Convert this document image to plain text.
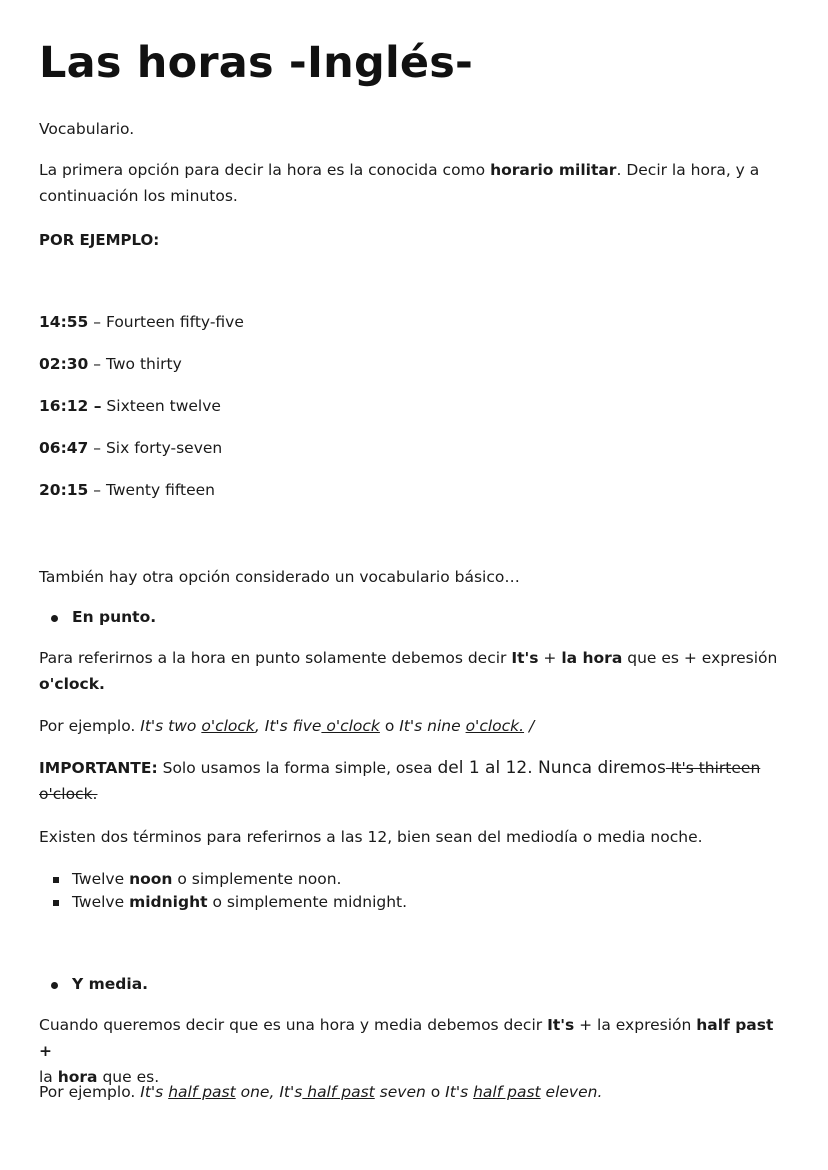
Las horas -Inglés-

Vocabulario.

La primera opción para decir la hora es la conocida como horario militar. Decir la hora, y a
continuación los minutos.

POR EJEMPLO:

14:55 – Fourteen fifty-five

02:30 – Two thirty

16:12 – Sixteen twelve

06:47 – Six forty-seven

20:15 – Twenty fifteen

También hay otra opción considerado un vocabulario básico…

En punto.

Para referirnos a la hora en punto solamente debemos decir It's + la hora que es + expresión
o'clock.

Por ejemplo. It's two o'clock, It's five o'clock o It's nine o'clock. /

IMPORTANTE: Solo usamos la forma simple, osea del 1 al 12. Nunca diremos It's thirteen
o'clock.

Existen dos términos para referirnos a las 12, bien sean del mediodía o media noche.

Twelve noon o simplemente noon.

Twelve midnight o simplemente midnight.

Y media.

Cuando queremos decir que es una hora y media debemos decir It's + la expresión half past +
la hora que es.

Por ejemplo. It's half past one, It's half past seven o It's half past eleven.
